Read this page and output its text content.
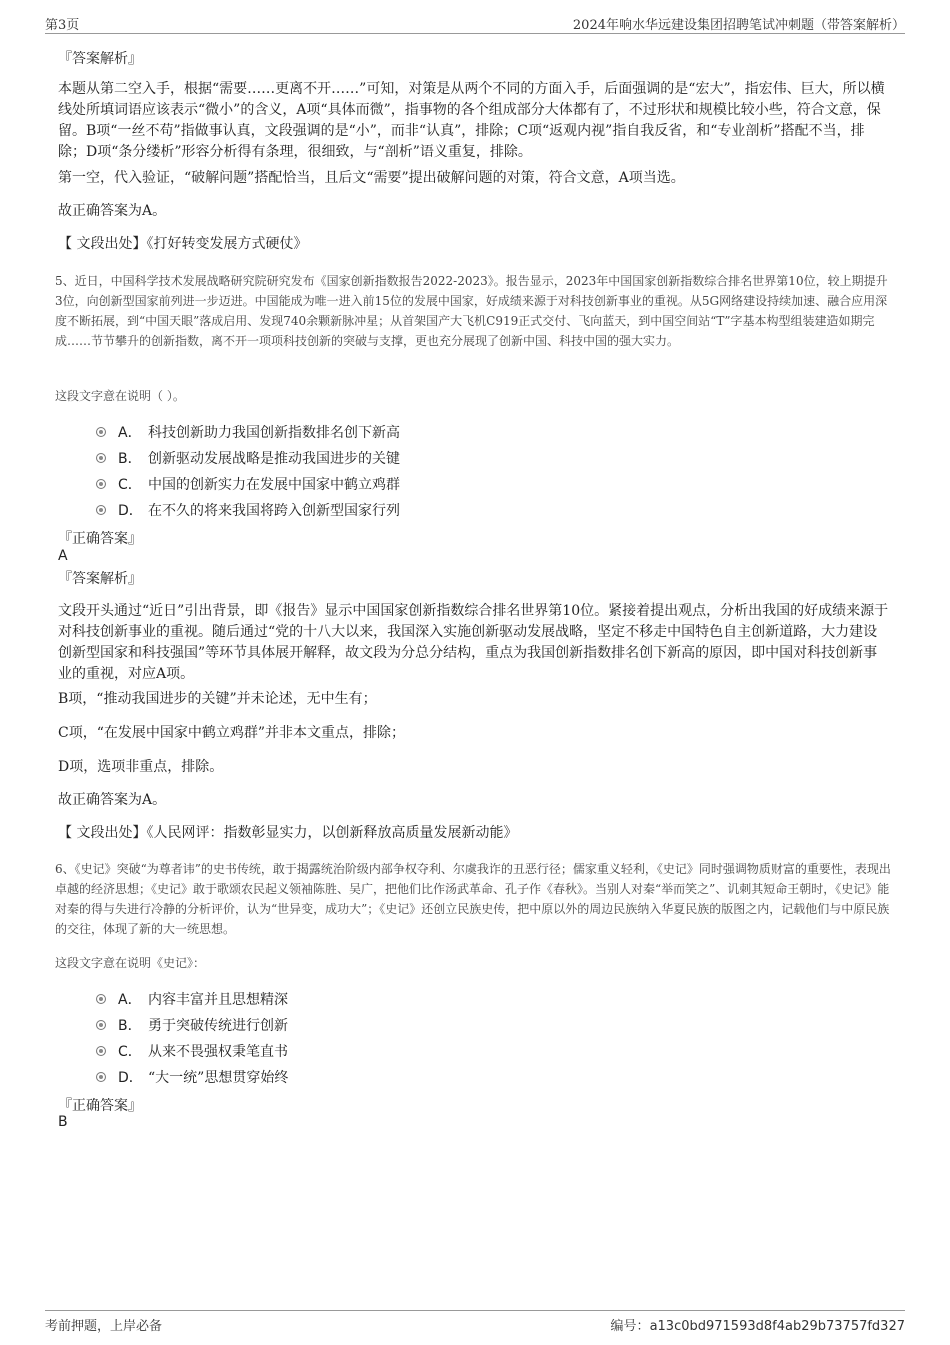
第3页	2024年响水华远建设集团招聘笔试冲刺题（带答案解析）
『答案解析』
本题从第二空入手，根据“需要……更离不开……”可知，对策是从两个不同的方面入手，后面强调的是“宏大”，指宏伟、巨大，所以横线处所填词语应该表示“微小”的含义，A项“具体而微”，指事物的各个组成部分大体都有了，不过形状和规模比较小些，符合文意，保留。B项“一丝不苟”指做事认真，文段强调的是“小”，而非“认真”，排除；C项“返观内视”指自我反省，和“专业剖析”搭配不当，排除；D项“条分缕析”形容分析得有条理，很细致，与“剖析”语义重复，排除。
第一空，代入验证，“破解问题”搭配恰当，且后文“需要”提出破解问题的对策，符合文意，A项当选。
故正确答案为A。
【 文段出处】《打好转变发展方式硬仗》
5、近日，中国科学技术发展战略研究院研究发布《国家创新指数报告2022-2023》。报告显示，2023年中国国家创新指数综合排名世界第10位，较上期提升3位，向创新型国家前列进一步迈进。中国能成为唯一进入前15位的发展中国家，好成绩来源于对科技创新事业的重视。从5G网络建设持续加速、融合应用深度不断拓展，到“中国天眼”落成启用、发现740余颗新脉冲星；从首架国产大飞机C919正式交付、飞向蓝天，到中国空间站“T”字基本构型组装建造如期完成……节节攀升的创新指数，离不开一项项科技创新的突破与支撑，更也充分展现了创新中国、科技中国的强大实力。
这段文字意在说明（ ）。
A． 科技创新助力我国创新指数排名创下新高
B． 创新驱动发展战略是推动我国进步的关键
C． 中国的创新实力在发展中国家中鹤立鸡群
D． 在不久的将来我国将跨入创新型国家行列
『正确答案』
A
『答案解析』
文段开头通过“近日”引出背景，即《报告》显示中国国家创新指数综合排名世界第10位。紧接着提出观点，分析出我国的好成绩来源于对科技创新事业的重视。随后通过“党的十八大以来，我国深入实施创新驱动发展战略，坚定不移走中国特色自主创新道路，大力建设创新型国家和科技强国”等环节具体展开解释，故文段为分总分结构，重点为我国创新指数排名创下新高的原因，即中国对科技创新事业的重视，对应A项。
B项，“推动我国进步的关键”并未论述，无中生有；
C项，“在发展中国家中鹤立鸡群”并非本文重点，排除；
D项，选项非重点，排除。
故正确答案为A。
【 文段出处】《人民网评：指数彰显实力，以创新释放高质量发展新动能》
6、《史记》突破“为尊者讳”的史书传统，敢于揭露统治阶级内部争权夺利、尔虞我诈的丑恶行径；儒家重义轻利，《史记》同时强调物质财富的重要性，表现出卓越的经济思想；《史记》敢于歌颂农民起义领袖陈胜、吴广，把他们比作汤武革命、孔子作《春秋》。当别人对秦“举而笑之”、讥刺其短命王朝时，《史记》能对秦的得与失进行冷静的分析评价，认为“世异变，成功大”；《史记》还创立民族史传，把中原以外的周边民族纳入华夏民族的版图之内，记载他们与中原民族的交往，体现了新的大一统思想。
这段文字意在说明《史记》：
A． 内容丰富并且思想精深
B． 勇于突破传统进行创新
C． 从来不畏强权秉笔直书
D． “大一统”思想贯穿始终
『正确答案』
B
考前押题，上岸必备	编号：a13c0bd971593d8f4ab29b73757fd327
